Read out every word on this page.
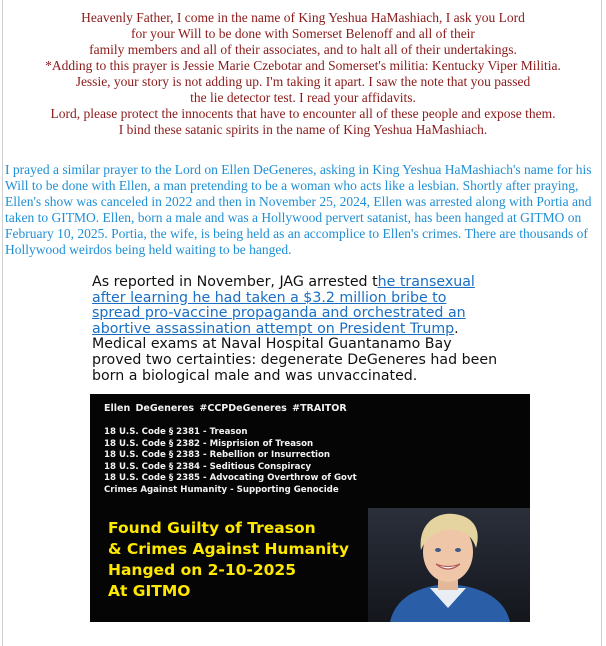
Heavenly Father, I come in the name of King Yeshua HaMashiach, I ask you Lord
for your Will to be done with Somerset Belenoff and all of their
family members and all of their associates, and to halt all of their undertakings.
*Adding to this prayer is Jessie Marie Czebotar and Somerset's militia: Kentucky Viper Militia.
Jessie, your story is not adding up. I'm taking it apart. I saw the note that you passed
the lie detector test. I read your affidavits.
Lord, please protect the innocents that have to encounter all of these people and expose them.
I bind these satanic spirits in the name of King Yeshua HaMashiach.
I prayed a similar prayer to the Lord on Ellen DeGeneres, asking in King Yeshua HaMashiach's name for his Will to be done with Ellen, a man pretending to be a woman who acts like a lesbian. Shortly after praying, Ellen's show was canceled in 2022 and then in November 25, 2024, Ellen was arrested along with Portia and taken to GITMO. Ellen, born a male and was a Hollywood pervert satanist, has been hanged at GITMO on February 10, 2025. Portia, the wife, is being held as an accomplice to Ellen's crimes. There are thousands of Hollywood weirdos being held waiting to be hanged.
As reported in November, JAG arrested the transexual
after learning he had taken a $3.2 million bribe to
spread pro-vaccine propaganda and orchestrated an
abortive assassination attempt on President Trump.
Medical exams at Naval Hospital Guantanamo Bay
proved two certainties: degenerate DeGeneres had been
born a biological male and was unvaccinated.
Ellen DeGeneres #CCPDeGeneres #TRAITOR
18 U.S. Code § 2381 - Treason
18 U.S. Code § 2382 - Misprision of Treason
18 U.S. Code § 2383 - Rebellion or Insurrection
18 U.S. Code § 2384 - Seditious Conspiracy
18 U.S. Code § 2385 - Advocating Overthrow of Govt
Crimes Against Humanity - Supporting Genocide
Found Guilty of Treason
& Crimes Against Humanity
Hanged on 2-10-2025
At GITMO
